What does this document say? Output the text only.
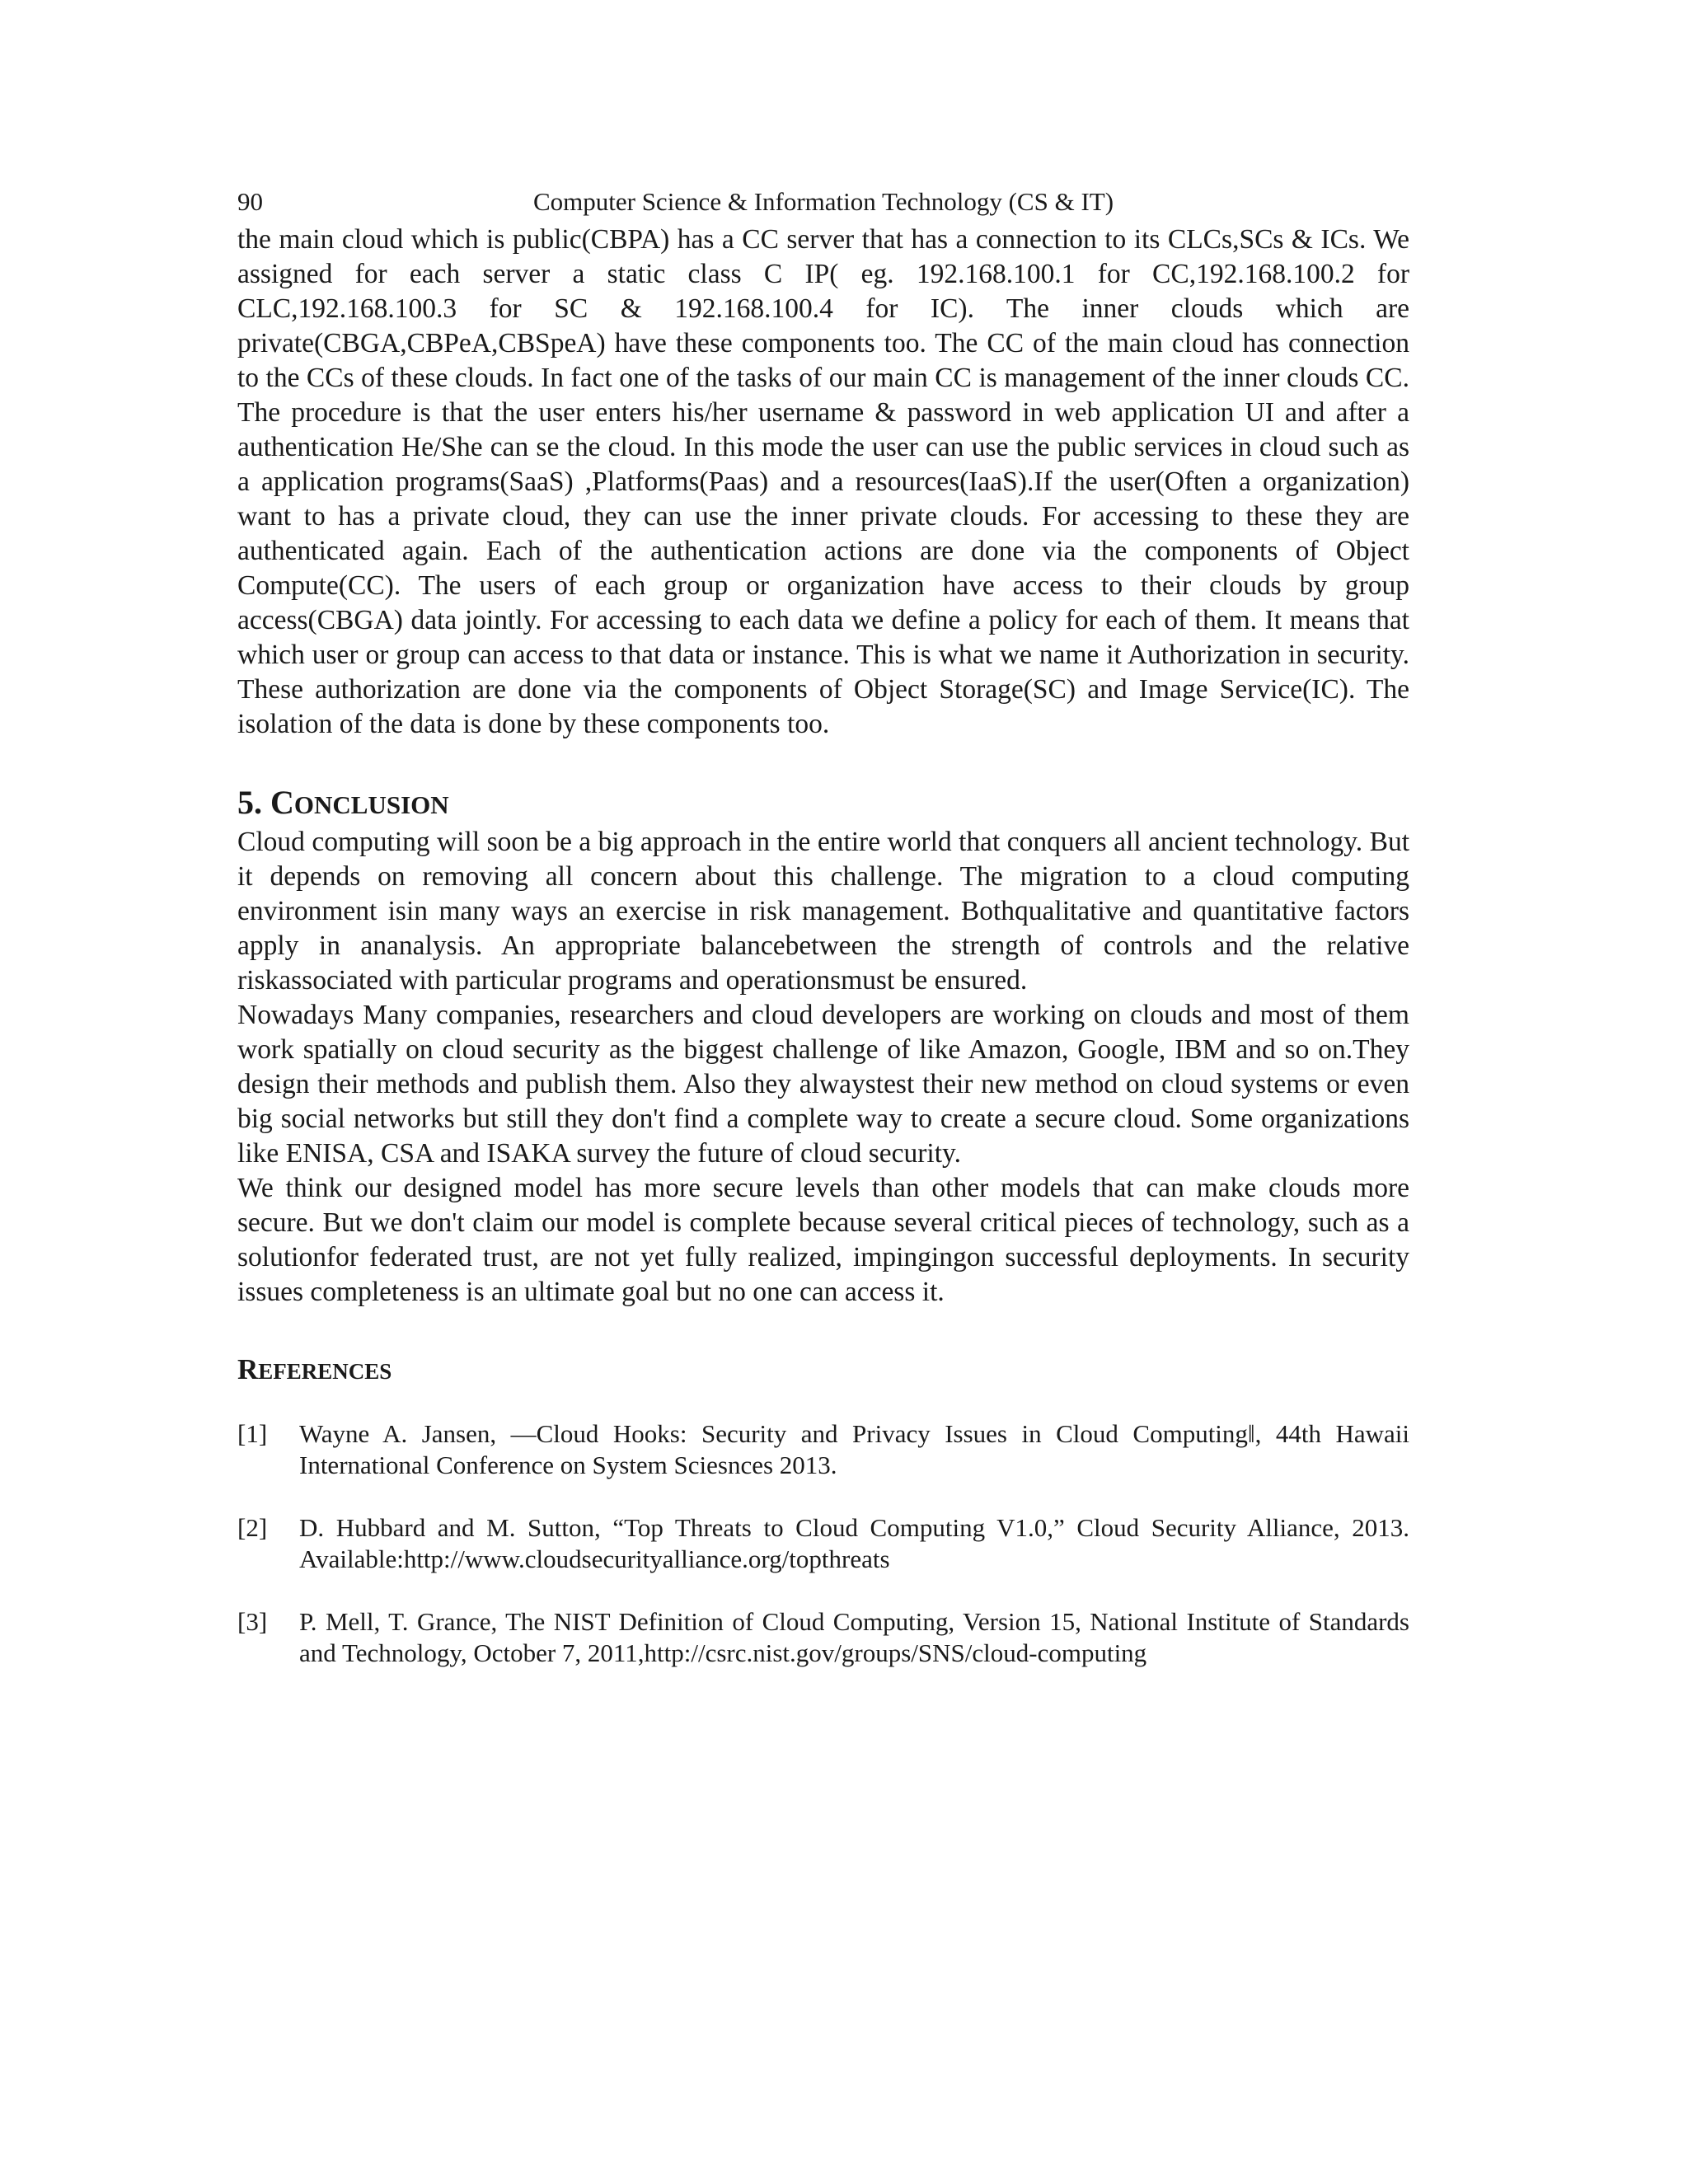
90	Computer Science & Information Technology (CS & IT)

the main cloud which is public(CBPA) has a CC server that has a connection to its CLCs,SCs & ICs. We assigned for each server a static class C IP( eg. 192.168.100.1 for CC,192.168.100.2 for CLC,192.168.100.3 for SC & 192.168.100.4 for IC). The inner clouds which are private(CBGA,CBPeA,CBSpeA) have these components too. The CC of the main cloud has connection to the CCs of these clouds. In fact one of the tasks of our main CC is management of the inner clouds CC. The procedure is that the user enters his/her username & password in web application UI and after a authentication He/She can se the cloud. In this mode the user can use the public services in cloud such as a application programs(SaaS) ,Platforms(Paas) and a resources(IaaS).If the user(Often a organization) want to has a private cloud, they can use the inner private clouds. For accessing to these they are authenticated again. Each of the authentication actions are done via the components of Object Compute(CC). The users of each group or organization have access to their clouds by group access(CBGA) data jointly. For accessing to each data we define a policy for each of them. It means that which user or group can access to that data or instance. This is what we name it Authorization in security. These authorization are done via the components of Object Storage(SC) and Image Service(IC). The isolation of the data is done by these components too.

5. CONCLUSION

Cloud computing will soon be a big approach in the entire world that conquers all ancient technology. But it depends on removing all concern about this challenge. The migration to a cloud computing environment isin many ways an exercise in risk management. Bothqualitative and quantitative factors apply in ananalysis. An appropriate balancebetween the strength of controls and the relative riskassociated with particular programs and operationsmust be ensured.

Nowadays Many companies, researchers and cloud developers are working on clouds and most of them work spatially on cloud security as the biggest challenge of like Amazon, Google, IBM and so on.They design their methods and publish them. Also they alwaystest their new method on cloud systems or even big social networks but still they don't find a complete way to create a secure cloud. Some organizations like ENISA, CSA and ISAKA survey the future of cloud security.

We think our designed model has more secure levels than other models that can make clouds more secure. But we don't claim our model is complete because several critical pieces of technology, such as a solutionfor federated trust, are not yet fully realized, impingingon successful deployments. In security issues completeness is an ultimate goal but no one can access it.

REFERENCES
[1]	Wayne A. Jansen, ―Cloud Hooks: Security and Privacy Issues in Cloud Computing‖, 44th Hawaii International Conference on System Sciesnces 2013.
[2]	D. Hubbard and M. Sutton, “Top Threats to Cloud Computing V1.0,” Cloud Security Alliance, 2013. Available:http://www.cloudsecurityalliance.org/topthreats
[3]	P. Mell, T. Grance, The NIST Definition of Cloud Computing, Version 15, National Institute of Standards and Technology, October 7, 2011,http://csrc.nist.gov/groups/SNS/cloud-computing
